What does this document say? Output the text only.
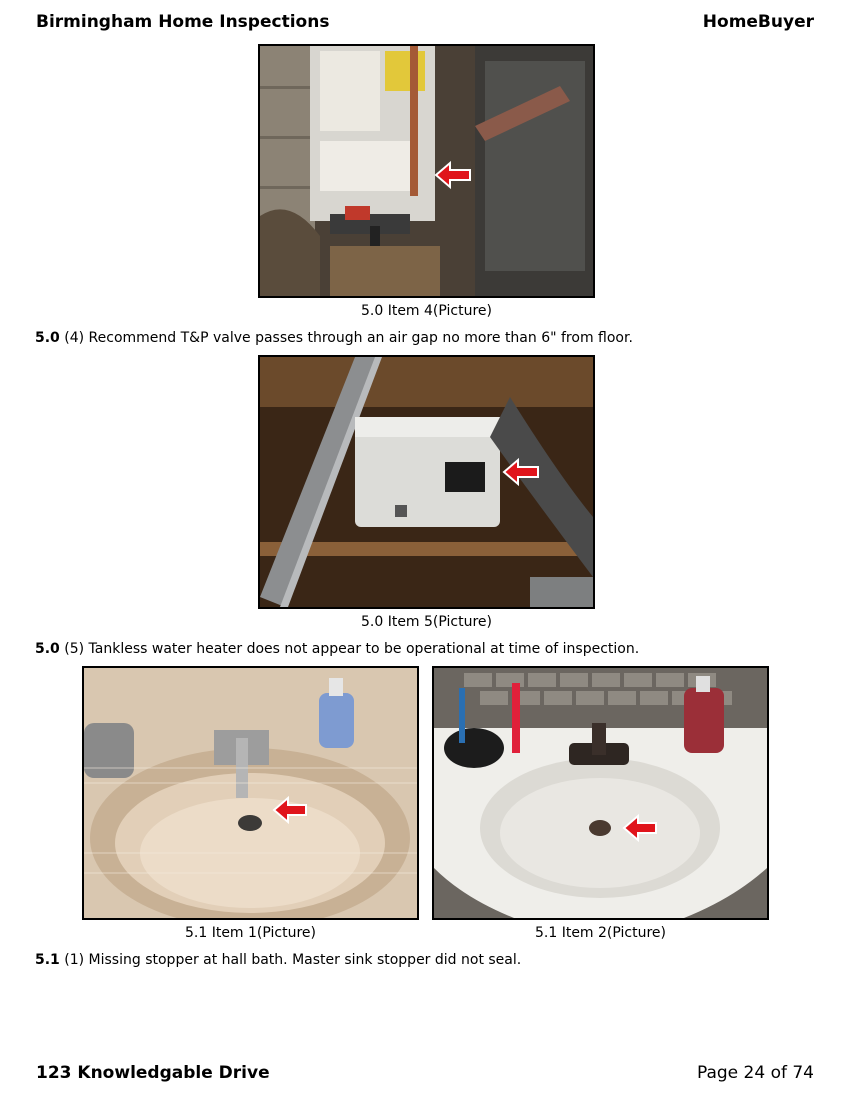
Birmingham Home Inspections	HomeBuyer
5.0 Item 4(Picture)
5.0 (4) Recommend T&P valve passes through an air gap no more than 6" from floor.
5.0 Item 5(Picture)
5.0 (5) Tankless water heater does not appear to be operational at time of inspection.
5.1 Item 1(Picture)	5.1 Item 2(Picture)
5.1 (1) Missing stopper at hall bath. Master sink stopper did not seal.
123 Knowledgable Drive	Page 24 of 74
